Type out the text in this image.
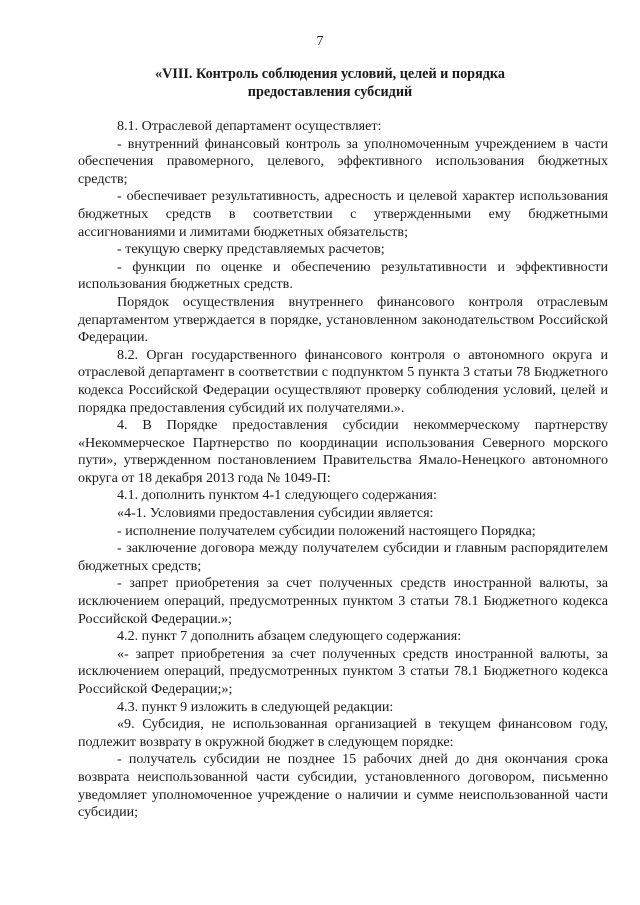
7
«VIII. Контроль соблюдения условий, целей и порядка
предоставления субсидий

8.1. Отраслевой департамент осуществляет:

- внутренний финансовый контроль за уполномоченным учреждением в части обеспечения правомерного, целевого, эффективного использования бюджетных средств;

- обеспечивает результативность, адресность и целевой характер использования бюджетных средств в соответствии с утвержденными ему бюджетными ассигнованиями и лимитами бюджетных обязательств;

- текущую сверку представляемых расчетов;

- функции по оценке и обеспечению результативности и эффективности использования бюджетных средств.

Порядок осуществления внутреннего финансового контроля отраслевым департаментом утверждается в порядке, установленном законодательством Российской Федерации.

8.2. Орган государственного финансового контроля о автономного округа и отраслевой департамент в соответствии с подпунктом 5 пункта 3 статьи 78 Бюджетного кодекса Российской Федерации осуществляют проверку соблюдения условий, целей и порядка предоставления субсидий их получателями.».

4. В Порядке предоставления субсидии некоммерческому партнерству «Некоммерческое Партнерство по координации использования Северного морского пути», утвержденном постановлением Правительства Ямало-Ненецкого автономного округа от 18 декабря 2013 года № 1049-П:

4.1. дополнить пунктом 4-1 следующего содержания:

«4-1. Условиями предоставления субсидии является:

- исполнение получателем субсидии положений настоящего Порядка;

- заключение договора между получателем субсидии и главным распорядителем бюджетных средств;

- запрет приобретения за счет полученных средств иностранной валюты, за исключением операций, предусмотренных пунктом 3 статьи 78.1 Бюджетного кодекса Российской Федерации.»;

4.2. пункт 7 дополнить абзацем следующего содержания:

«- запрет приобретения за счет полученных средств иностранной валюты, за исключением операций, предусмотренных пунктом 3 статьи 78.1 Бюджетного кодекса Российской Федерации;»;

4.3. пункт 9 изложить в следующей редакции:

«9. Субсидия, не использованная организацией в текущем финансовом году, подлежит возврату в окружной бюджет в следующем порядке:

- получатель субсидии не позднее 15 рабочих дней до дня окончания срока возврата неиспользованной части субсидии, установленного договором, письменно уведомляет уполномоченное учреждение о наличии и сумме неиспользованной части субсидии;
